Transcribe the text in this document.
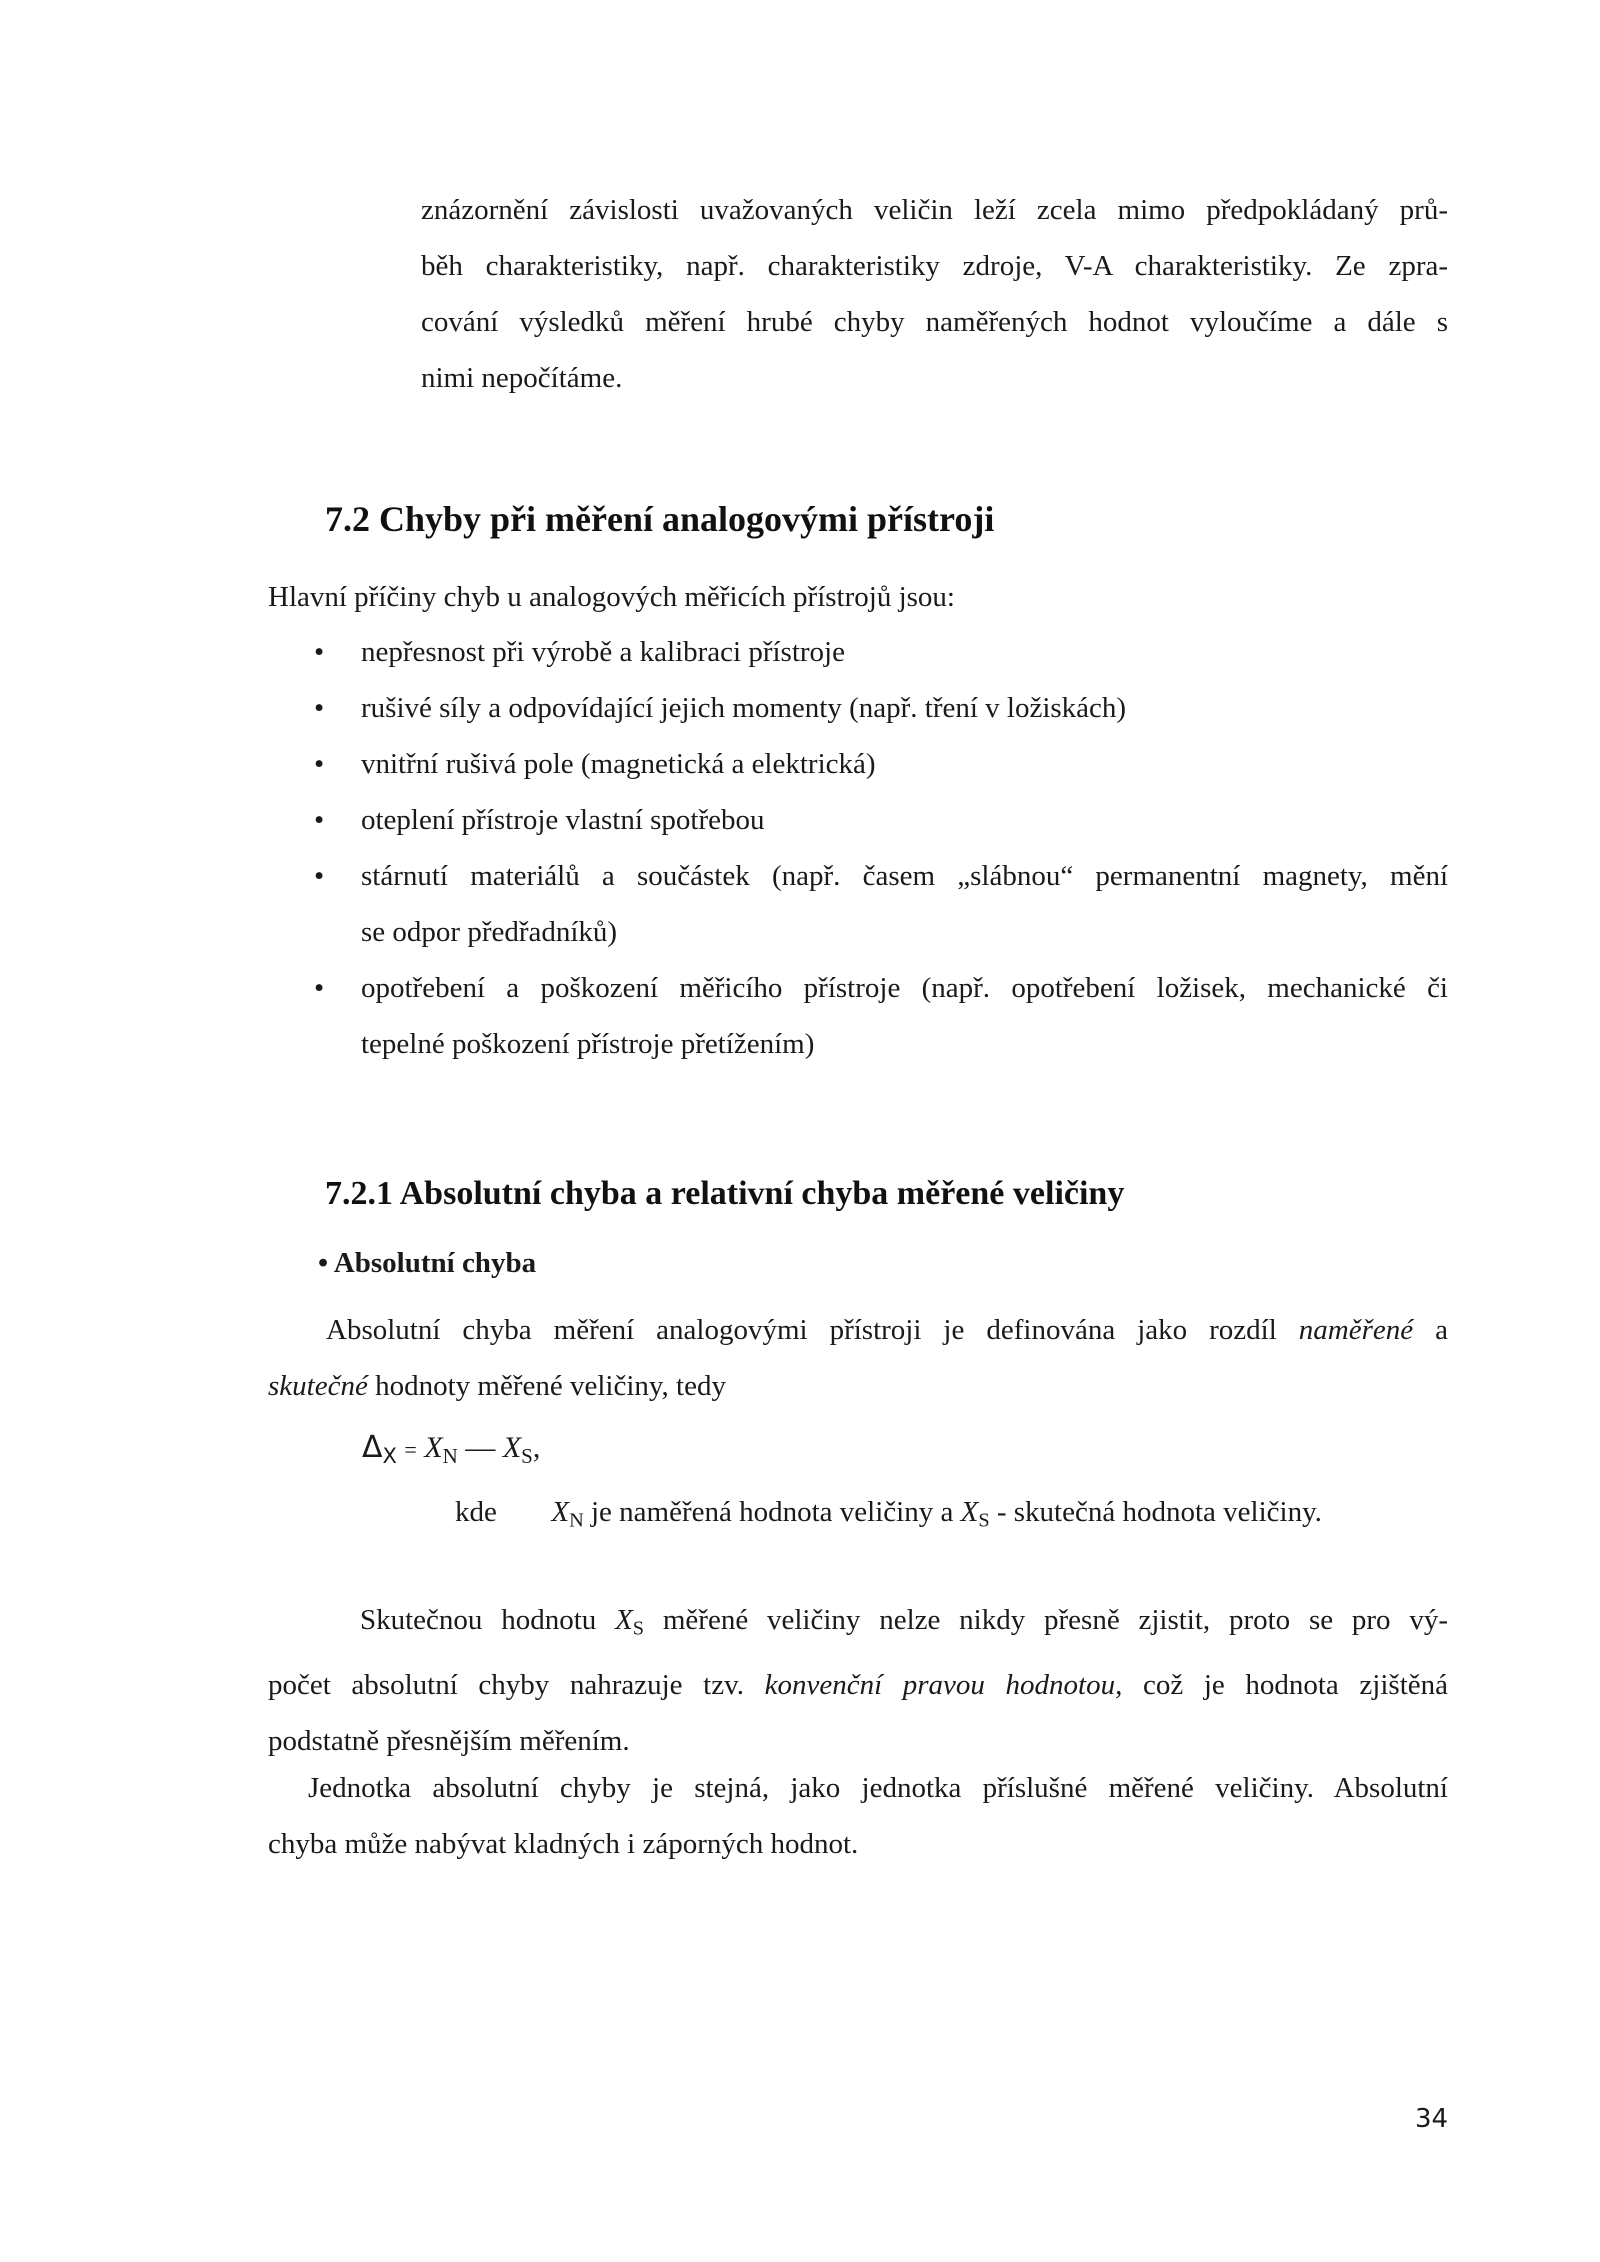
znázornění závislosti uvažovaných veličin leží zcela mimo předpokládaný prů-
běh charakteristiky, např. charakteristiky zdroje, V-A charakteristiky. Ze zpra-
cování výsledků měření hrubé chyby naměřených hodnot vyloučíme a dále s
nimi nepočítáme.
7.2 Chyby při měření analogovými přístroji
Hlavní příčiny chyb u analogových měřicích přístrojů jsou:
• nepřesnost při výrobě a kalibraci přístroje
• rušivé síly a odpovídající jejich momenty (např. tření v ložiskách)
• vnitřní rušivá pole (magnetická a elektrická)
• oteplení přístroje vlastní spotřebou
• stárnutí materiálů a součástek (např. časem „slábnou“ permanentní magnety, mění
se odpor předřadníků)
• opotřebení a poškození měřicího přístroje (např. opotřebení ložisek, mechanické či
tepelné poškození přístroje přetížením)
7.2.1 Absolutní chyba a relativní chyba měřené veličiny
• Absolutní chyba
Absolutní chyba měření analogovými přístroji je definována jako rozdíl naměřené a
skutečné hodnoty měřené veličiny, tedy
$\Delta_X = X_N$ — $X_S$,
kde $X_N$ je naměřená hodnota veličiny a $X_S$ - skutečná hodnota veličiny.
Skutečnou hodnotu $X_S$ měřené veličiny nelze nikdy přesně zjistit, proto se pro vý-
počet absolutní chyby nahrazuje tzv. konvenční pravou hodnotou, což je hodnota zjištěná
podstatně přesnějším měřením.
Jednotka absolutní chyby je stejná, jako jednotka příslušné měřené veličiny. Absolutní
chyba může nabývat kladných i záporných hodnot.
34
